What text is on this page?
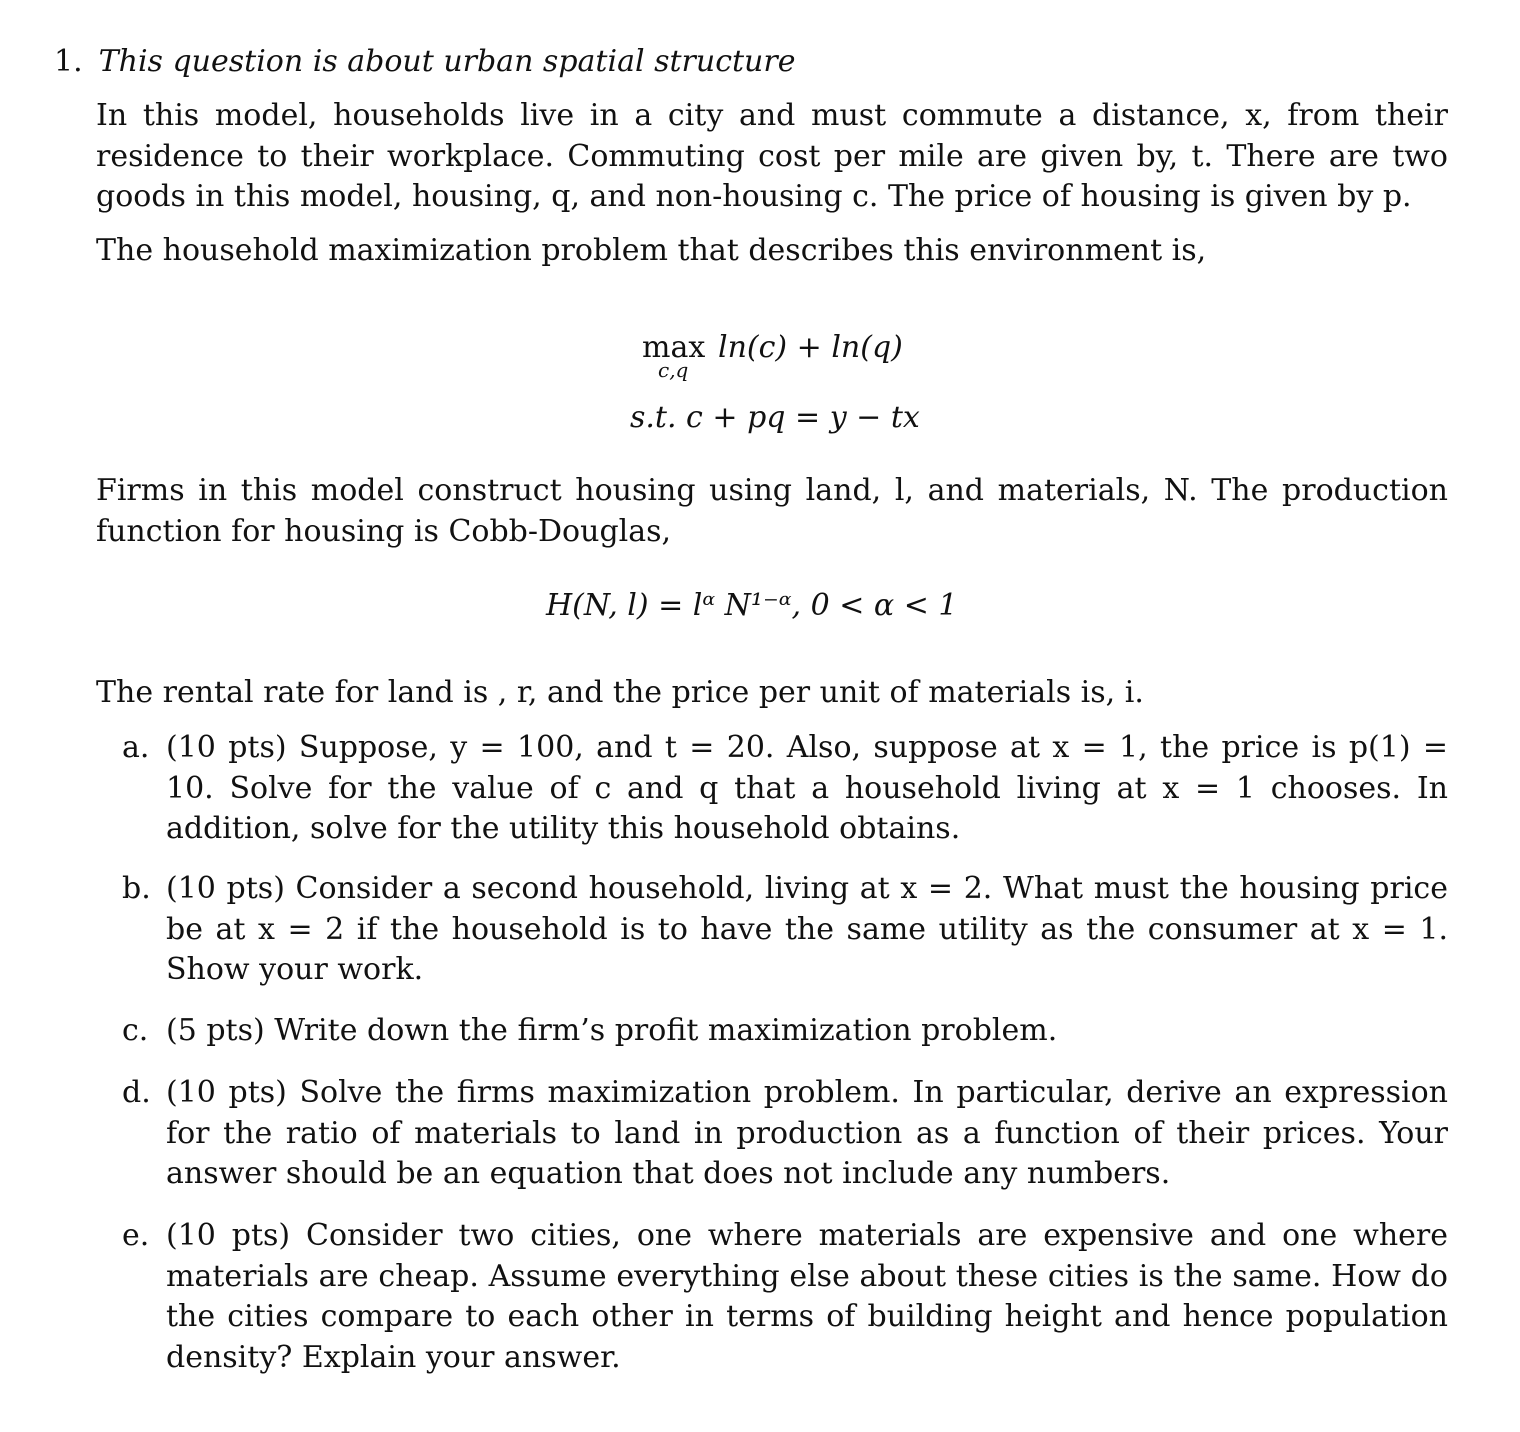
1. This question is about urban spatial structure
In this model, households live in a city and must commute a distance, x, from their residence to their workplace. Commuting cost per mile are given by, t. There are two goods in this model, housing, q, and non-housing c. The price of housing is given by p.
The household maximization problem that describes this environment is,
max
c,q
ln(c) + ln(q)
s.t. c + pq = y − tx
Firms in this model construct housing using land, l, and materials, N. The production function for housing is Cobb-Douglas,
H(N, l) = lᵅ N¹⁻ᵅ, 0 < α < 1
The rental rate for land is , r, and the price per unit of materials is, i.
a. (10 pts) Suppose, y = 100, and t = 20. Also, suppose at x = 1, the price is p(1) = 10. Solve for the value of c and q that a household living at x = 1 chooses. In addition, solve for the utility this household obtains.
b. (10 pts) Consider a second household, living at x = 2. What must the housing price be at x = 2 if the household is to have the same utility as the consumer at x = 1. Show your work.
c. (5 pts) Write down the firm’s profit maximization problem.
d. (10 pts) Solve the firms maximization problem. In particular, derive an expression for the ratio of materials to land in production as a function of their prices. Your answer should be an equation that does not include any numbers.
e. (10 pts) Consider two cities, one where materials are expensive and one where materials are cheap. Assume everything else about these cities is the same. How do the cities compare to each other in terms of building height and hence population density? Explain your answer.
